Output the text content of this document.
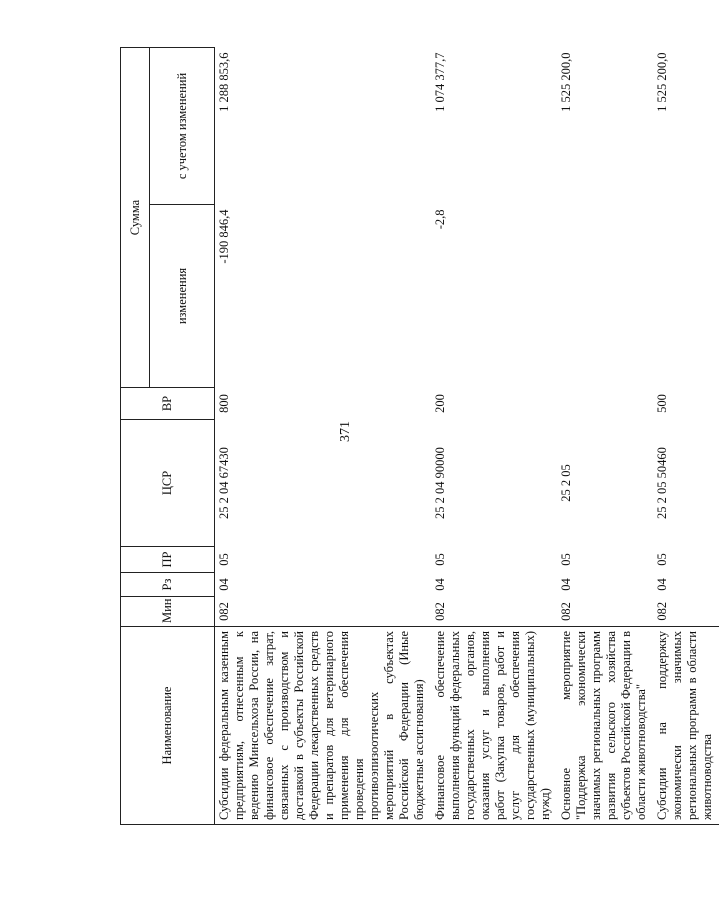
371
Наименование	Мин	Рз	ПР	ЦСР	ВР	Сумма	
						изменения	с учетом изменений
Субсидии федеральным казенным предприятиям, отнесенным к ведению Минсельхоза России, на финансовое обеспечение затрат, связанных с производством и доставкой в субъекты Российской Федерации лекарственных средств и препаратов для ветеринарного применения для обеспечения проведения противоэпизоотических мероприятий в субъектах Российской Федерации (Иные бюджетные ассигнования)	082	04	05	25 2 04 67430	800	-190 846,4	1 288 853,6
Финансовое обеспечение выполнения функций федеральных государственных органов, оказания услуг и выполнения работ (Закупка товаров, работ и услуг для обеспечения государственных (муниципальных) нужд)	082	04	05	25 2 04 90000	200	-2,8	1 074 377,7
Основное мероприятие "Поддержка экономически значимых региональных программ развития сельского хозяйства субъектов Российской Федерации в области животноводства"	082	04	05	25 2 05			1 525 200,0
Субсидии на поддержку экономически значимых региональных программ в области животноводства	082	04	05	25 2 05 50460	500		1 525 200,0
